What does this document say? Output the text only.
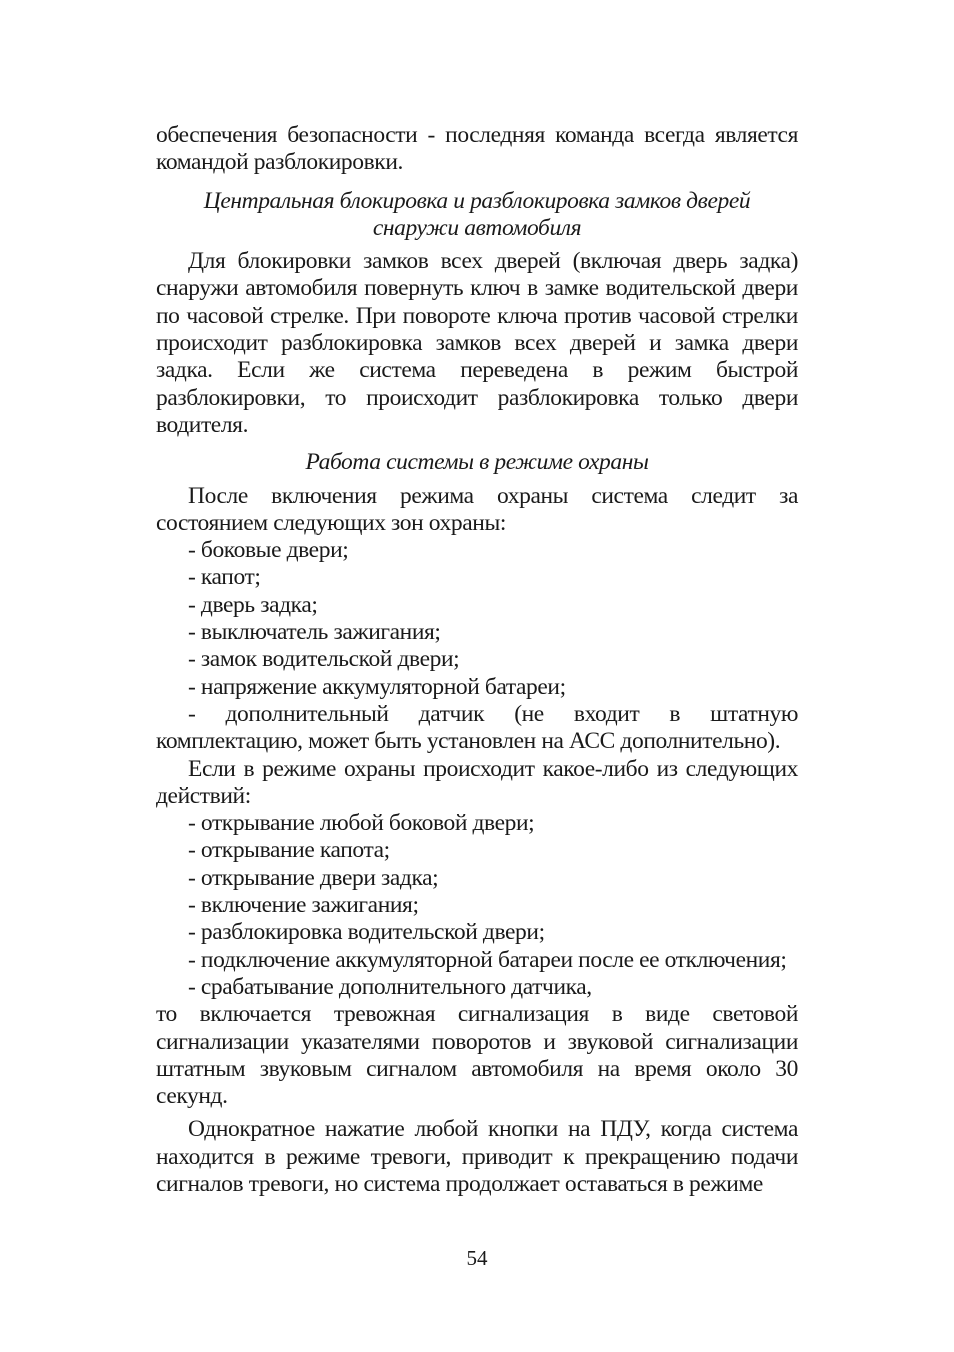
обеспечения безопасности - последняя команда всегда является командой разблокировки.

Центральная блокировка и разблокировка замков дверей
снаружи автомобиля

Для блокировки замков всех дверей (включая дверь задка) снаружи автомобиля повернуть ключ в замке водительской двери по часовой стрелке. При повороте ключа против часовой стрелки происходит разблокировка замков всех дверей и замка двери задка. Если же система переведена в режим быстрой разблокировки, то происходит разблокировка только двери водителя.

Работа системы в режиме охраны

После включения режима охраны система следит за состоянием следующих зон охраны:

- боковые двери;
- капот;
- дверь задка;
- выключатель зажигания;
- замок водительской двери;
- напряжение аккумуляторной батареи;
- дополнительный датчик (не входит в штатную комплектацию, может быть установлен на АСС дополнительно).

Если в режиме охраны происходит какое-либо из следующих действий:

- открывание любой боковой двери;
- открывание капота;
- открывание двери задка;
- включение зажигания;
- разблокировка водительской двери;
- подключение аккумуляторной батареи после ее отключения;
- срабатывание дополнительного датчика,

то включается тревожная сигнализация в виде световой сигнализации указателями поворотов и звуковой сигнализации штатным звуковым сигналом автомобиля на время около 30 секунд.

Однократное нажатие любой кнопки на ПДУ, когда система находится в режиме тревоги, приводит к прекращению подачи сигналов тревоги, но система продолжает оставаться в режиме

54
